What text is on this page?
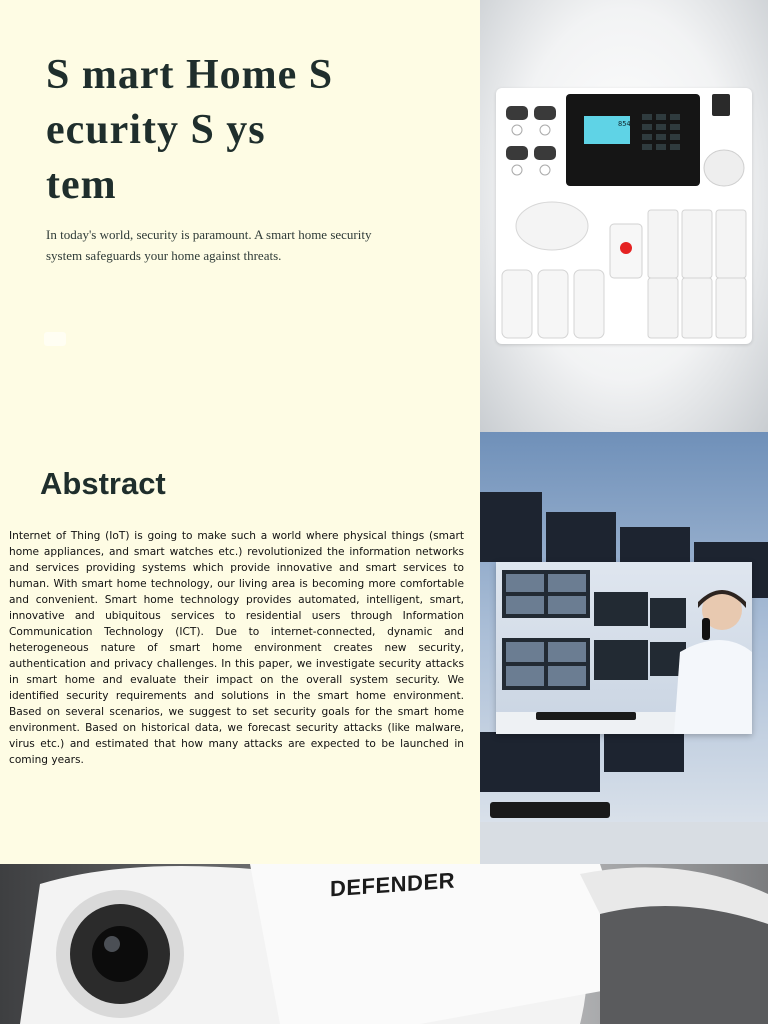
S mart Home S ecurity S ys tem

In today's world, security is paramount. A smart home security system safeguards your home against threats.

854
Abstract

Internet of Thing (IoT) is going to make such a world where physical things (smart home appliances, and smart watches etc.) revolutionized the information networks and services providing systems which provide innovative and smart services to human. With smart home technology, our living area is becoming more comfortable and convenient. Smart home technology provides automated, intelligent, smart, innovative and ubiquitous services to residential users through Information Communication Technology (ICT). Due to internet-connected, dynamic and heterogeneous nature of smart home environment creates new security, authentication and privacy challenges. In this paper, we investigate security attacks in smart home and evaluate their impact on the overall system security. We identified security requirements and solutions in the smart home environment. Based on several scenarios, we suggest to set security goals for the smart home environment. Based on historical data, we forecast security attacks (like malware, virus etc.) and estimated that how many attacks are expected to be launched in coming years.

DEFENDER
